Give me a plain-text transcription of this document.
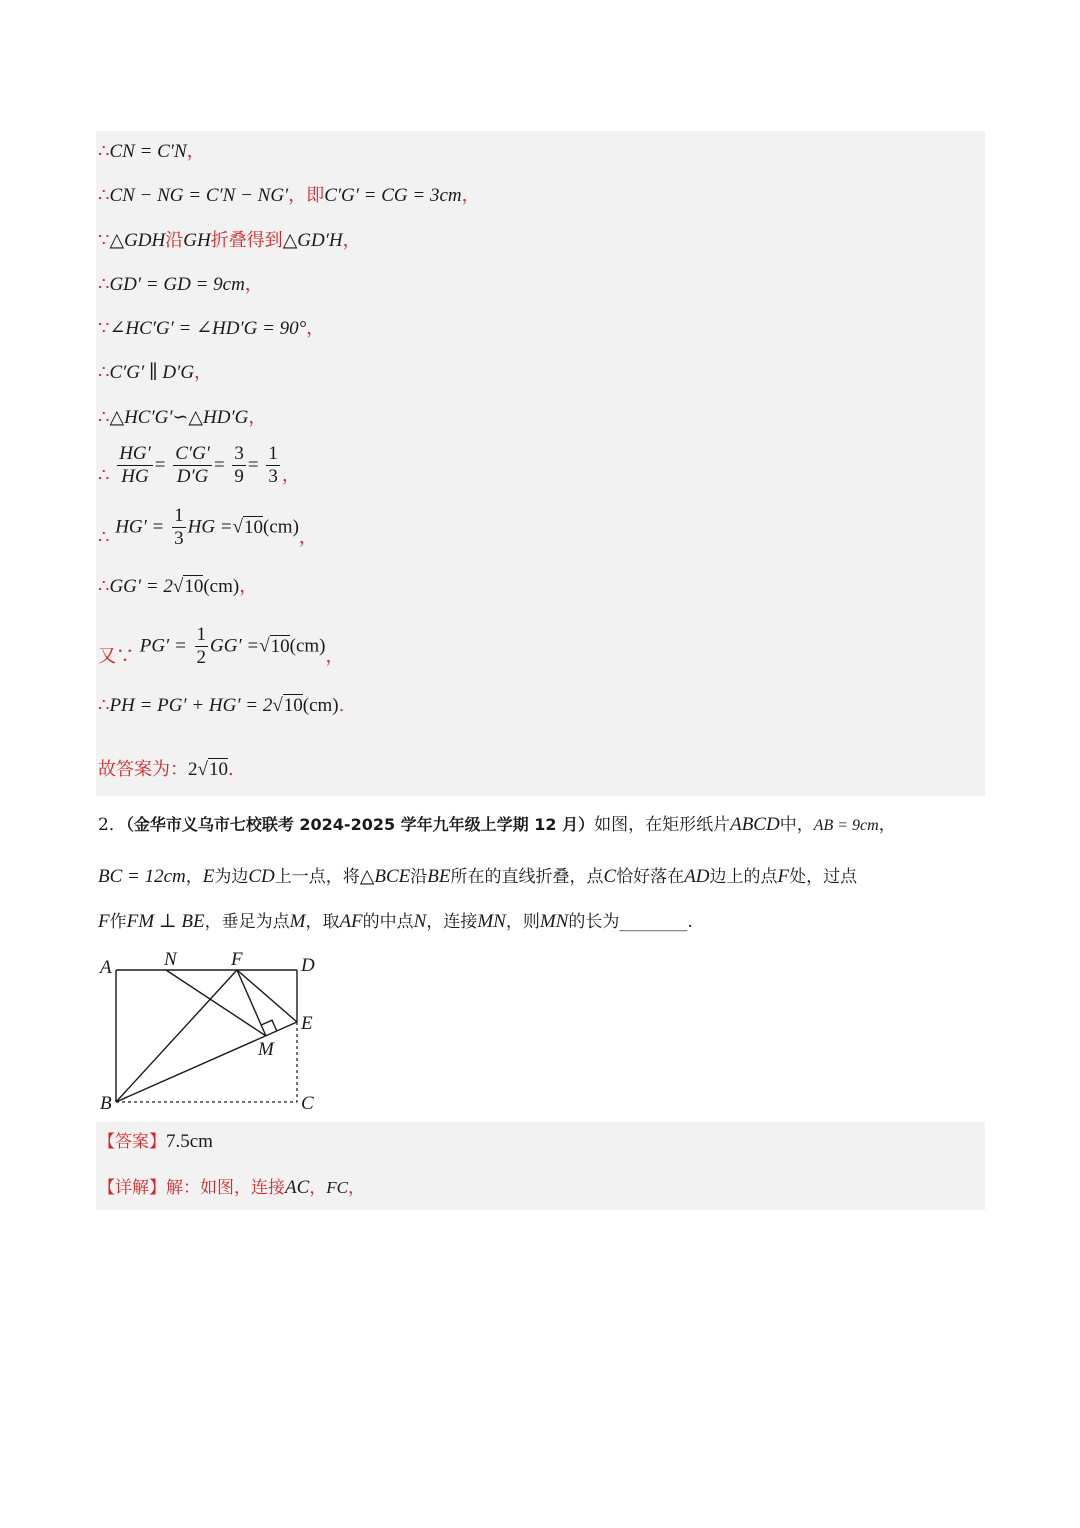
∴CN = C′N，
∴CN − NG = C′N − NG′，即C′G′ = CG = 3cm，
∵△GDH沿GH折叠得到△GD′H，
∴GD′ = GD = 9cm，
∵∠HC′G′ = ∠HD′G = 90°，
∴C′G′ ∥ D′G，
∴△HC′G′∽△HD′G，
∴ $\frac{HG'}{HG} = \frac{C'G'}{D'G} = \frac{3}{9} = \frac{1}{3}$ ，
∴ $HG' = \frac{1}{3}$ HG =√10(cm)，
∴GG′ = 2√10(cm)，
又∵ $PG' = \frac{1}{2} GG' =√10(cm)$，
∴PH = PG′ + HG′ = 2√10(cm).
故答案为：2√10.
2．（金华市义乌市七校联考 2024-2025 学年九年级上学期 12 月）如图，在矩形纸片ABCD中，AB = 9cm，
BC = 12cm，E为边CD上一点，将△BCE沿BE所在的直线折叠，点C恰好落在AD边上的点F处，过点
F作FM ⊥ BE，垂足为点M，取AF的中点N，连接MN，则MN的长为________.
A	N	F	D
E
M
B	C
【答案】7.5cm
【详解】解：如图，连接AC，FC，
